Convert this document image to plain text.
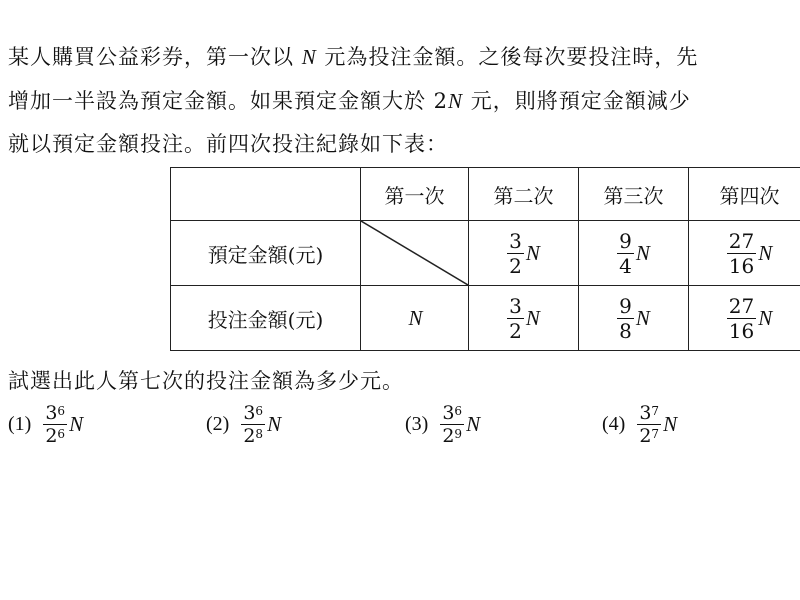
某人購買公益彩券，第一次以 N 元為投注金額。之後每次要投注時，先
增加一半設為預定金額。如果預定金額大於 2N 元，則將預定金額減少
就以預定金額投注。前四次投注紀錄如下表：
	第一次	第二次	第三次	第四次
預定金額(元)		$\frac{3}{2}$ N	$\frac{9}{4}$ N	$\frac{27}{16}$ N
投注金額(元)	N	$\frac{3}{2}$ N	$\frac{9}{8}$ N	$\frac{27}{16}$ N
試選出此人第七次的投注金額為多少元。
$(1) \frac{3^6}{2^6}$ N	$(2) \frac{3^6}{2^8}$ N	$(3) \frac{3^6}{2^9}$ N	$(4) \frac{3^7}{2^7}$ N
